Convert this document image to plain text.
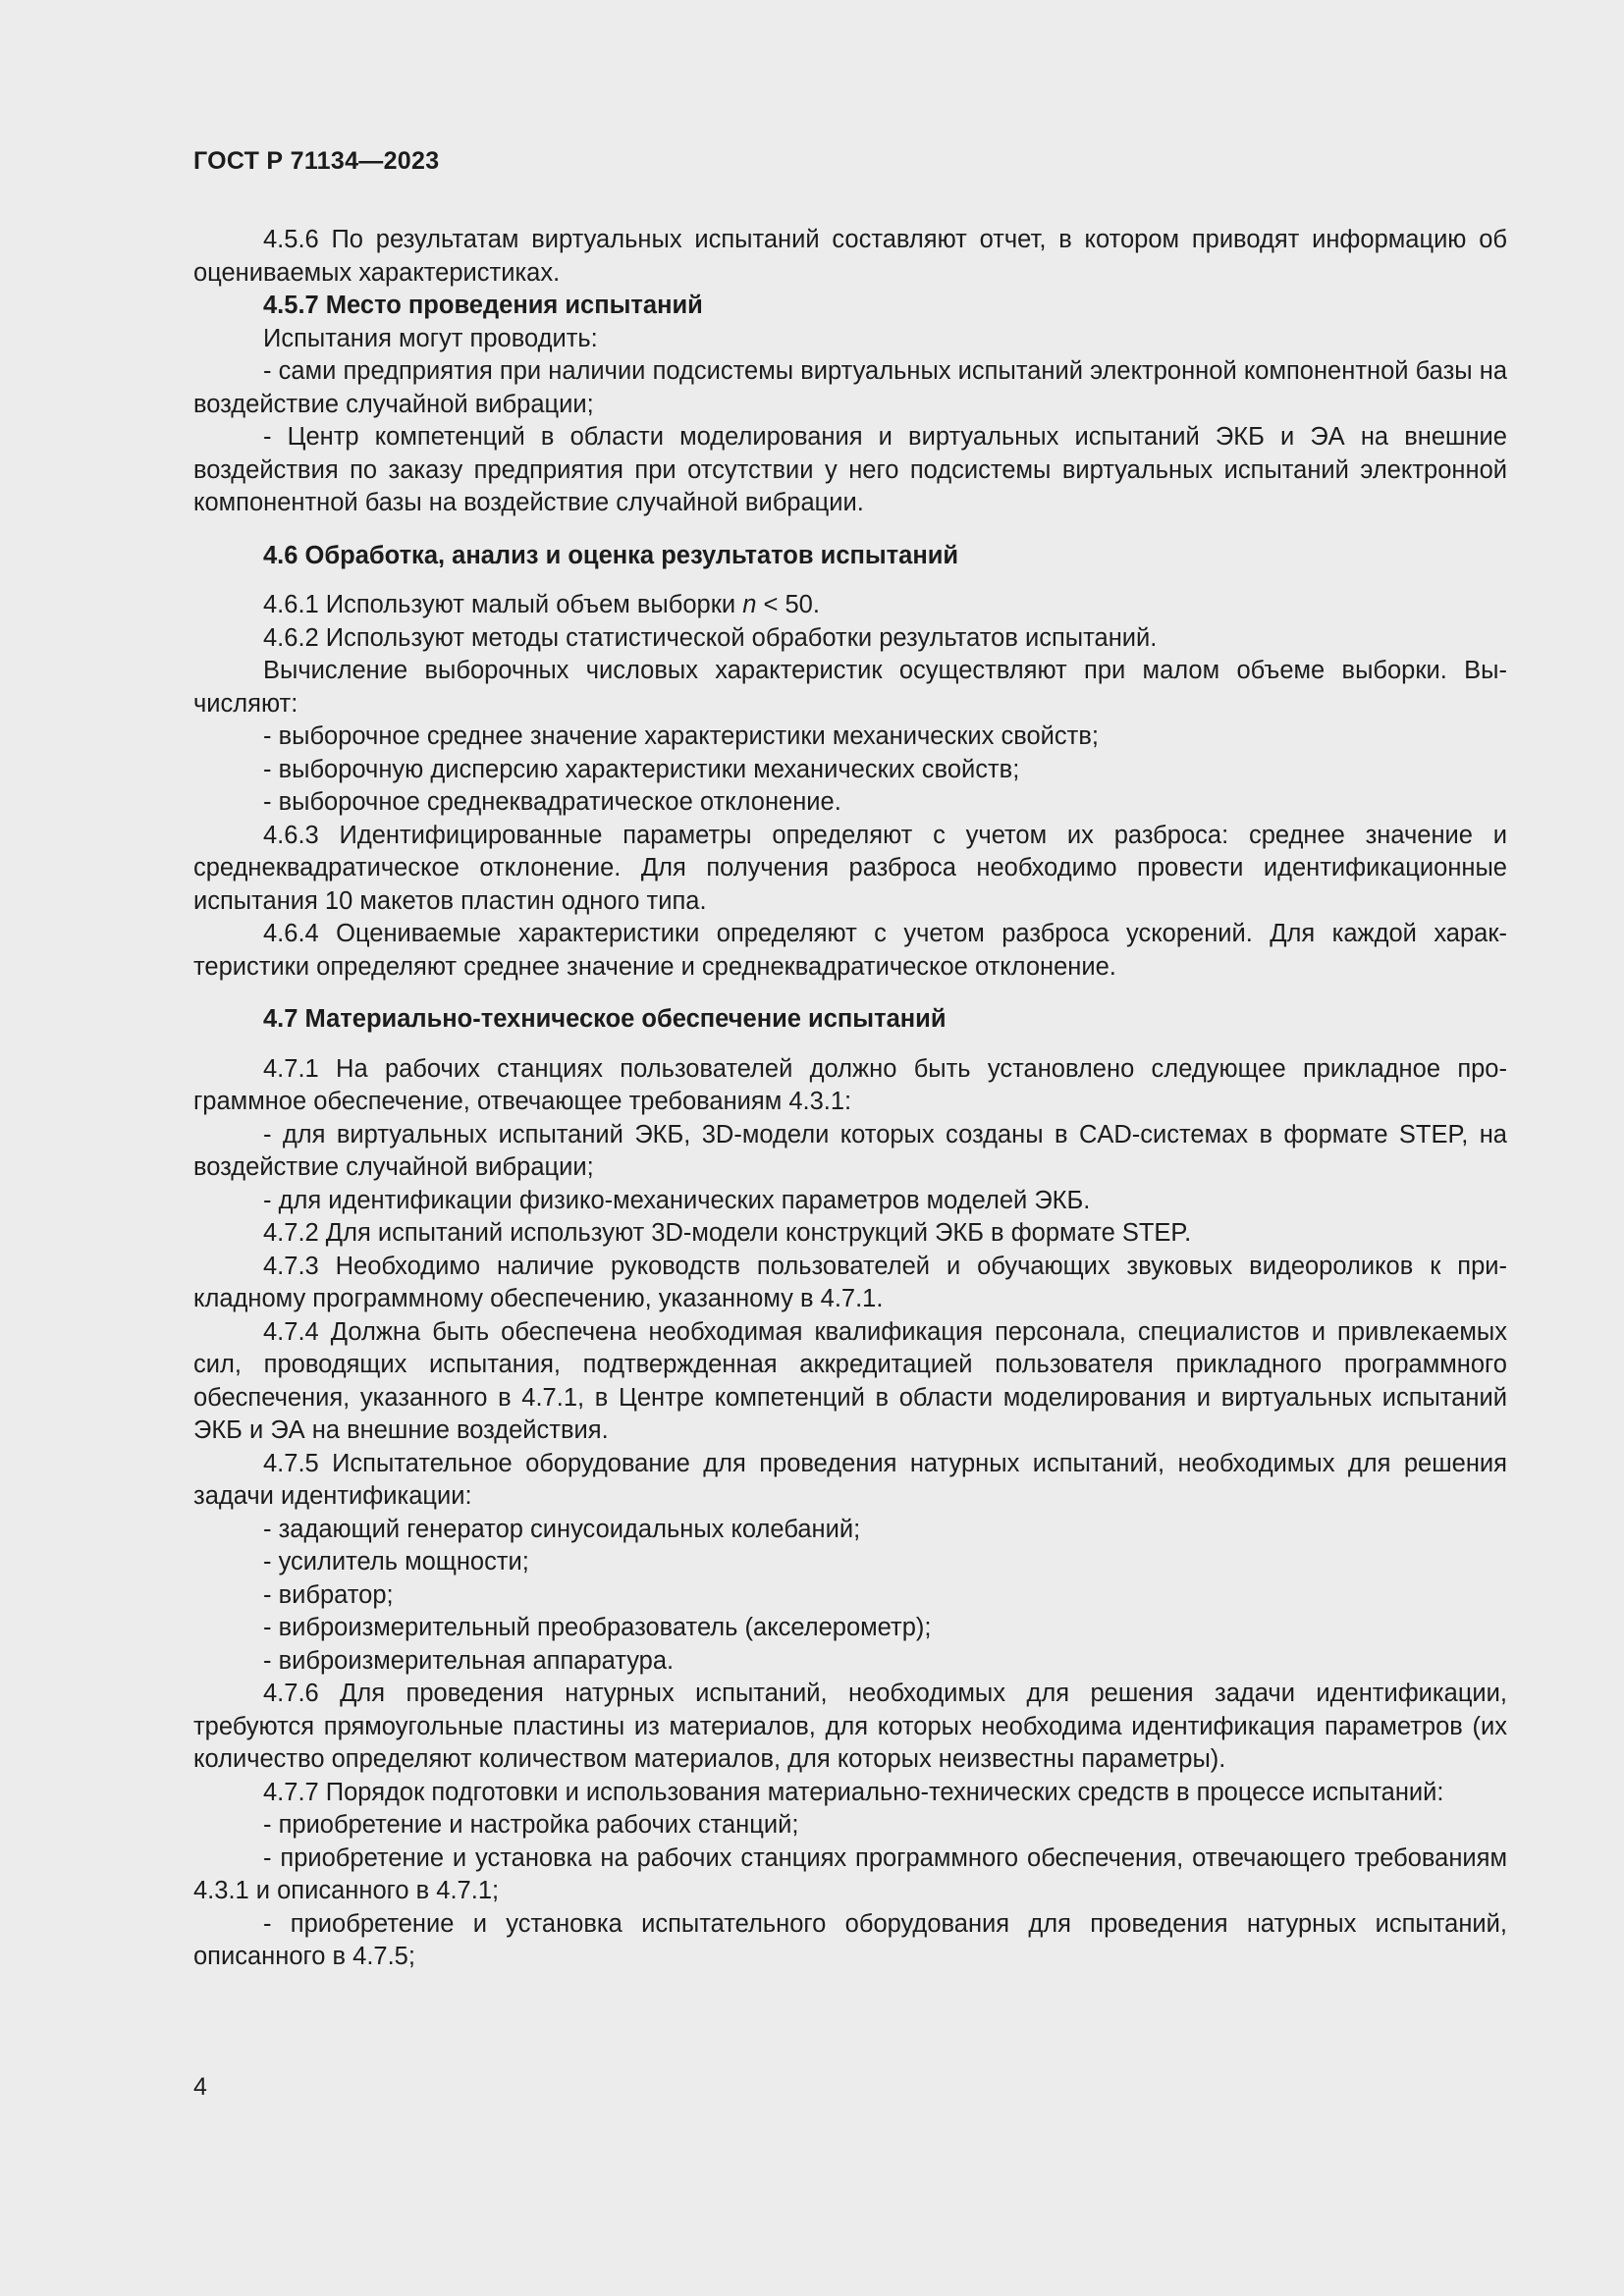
ГОСТ Р 71134—2023

4.5.6 По результатам виртуальных испытаний составляют отчет, в котором приводят информацию об оцениваемых характеристиках.

4.5.7 Место проведения испытаний

Испытания могут проводить:

- сами предприятия при наличии подсистемы виртуальных испытаний электронной компонентной базы на воздействие случайной вибрации;

- Центр компетенций в области моделирования и виртуальных испытаний ЭКБ и ЭА на внешние воздействия по заказу предприятия при отсутствии у него подсистемы виртуальных испытаний электронной компонентной базы на воздействие случайной вибрации.

4.6 Обработка, анализ и оценка результатов испытаний

4.6.1 Используют малый объем выборки n < 50.

4.6.2 Используют методы статистической обработки результатов испытаний.

Вычисление выборочных числовых характеристик осуществляют при малом объеме выборки. Вычисляют:

- выборочное среднее значение характеристики механических свойств;

- выборочную дисперсию характеристики механических свойств;

- выборочное среднеквадратическое отклонение.

4.6.3 Идентифицированные параметры определяют с учетом их разброса: среднее значение и среднеквадратическое отклонение. Для получения разброса необходимо провести идентификационные испытания 10 макетов пластин одного типа.

4.6.4 Оцениваемые характеристики определяют с учетом разброса ускорений. Для каждой характеристики определяют среднее значение и среднеквадратическое отклонение.

4.7 Материально-техническое обеспечение испытаний

4.7.1 На рабочих станциях пользователей должно быть установлено следующее прикладное программное обеспечение, отвечающее требованиям 4.3.1:

- для виртуальных испытаний ЭКБ, 3D-модели которых созданы в CAD-системах в формате STEP, на воздействие случайной вибрации;

- для идентификации физико-механических параметров моделей ЭКБ.

4.7.2 Для испытаний используют 3D-модели конструкций ЭКБ в формате STEP.

4.7.3 Необходимо наличие руководств пользователей и обучающих звуковых видеороликов к прикладному программному обеспечению, указанному в 4.7.1.

4.7.4 Должна быть обеспечена необходимая квалификация персонала, специалистов и привлекаемых сил, проводящих испытания, подтвержденная аккредитацией пользователя прикладного программного обеспечения, указанного в 4.7.1, в Центре компетенций в области моделирования и виртуальных испытаний ЭКБ и ЭА на внешние воздействия.

4.7.5 Испытательное оборудование для проведения натурных испытаний, необходимых для решения задачи идентификации:

- задающий генератор синусоидальных колебаний;

- усилитель мощности;

- вибратор;

- виброизмерительный преобразователь (акселерометр);

- виброизмерительная аппаратура.

4.7.6 Для проведения натурных испытаний, необходимых для решения задачи идентификации, требуются прямоугольные пластины из материалов, для которых необходима идентификация параметров (их количество определяют количеством материалов, для которых неизвестны параметры).

4.7.7 Порядок подготовки и использования материально-технических средств в процессе испытаний:

- приобретение и настройка рабочих станций;

- приобретение и установка на рабочих станциях программного обеспечения, отвечающего требованиям 4.3.1 и описанного в 4.7.1;

- приобретение и установка испытательного оборудования для проведения натурных испытаний, описанного в 4.7.5;

4
